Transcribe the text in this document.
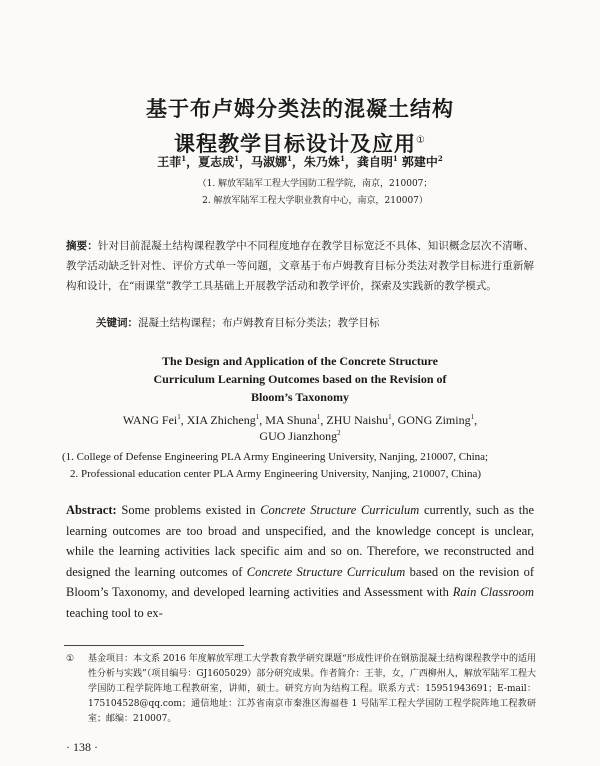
基于布卢姆分类法的混凝土结构
课程教学目标设计及应用①
王菲$^1$，夏志成$^1$，马淑娜$^1$，朱乃姝$^1$，龚自明$^1$ 郭建中$^2$
（1. 解放军陆军工程大学国防工程学院，南京，210007；
2. 解放军陆军工程大学职业教育中心，南京，210007）
摘要：针对目前混凝土结构课程教学中不同程度地存在教学目标宽泛不具体、知识概念层次不清晰、教学活动缺乏针对性、评价方式单一等问题，文章基于布卢姆教育目标分类法对教学目标进行重新解构和设计，在“雨课堂”教学工具基础上开展教学活动和教学评价，探索及实践新的教学模式。
关键词：混凝土结构课程；布卢姆教育目标分类法；教学目标
The Design and Application of the Concrete Structure
Curriculum Learning Outcomes based on the Revision of
Bloom’s Taxonomy
WANG Fei$^1$, XIA Zhicheng$^1$, MA Shuna$^1$, ZHU Naishu$^1$, GONG Ziming$^1$,
GUO Jianzhong$^2$
(1. College of Defense Engineering PLA Army Engineering University, Nanjing, 210007, China;
2. Professional education center PLA Army Engineering University, Nanjing, 210007, China)
Abstract: Some problems existed in Concrete Structure Curriculum currently, such as the learning outcomes are too broad and unspecified, and the knowledge concept is unclear, while the learning activities lack specific aim and so on. Therefore, we reconstructed and designed the learning outcomes of Concrete Structure Curriculum based on the revision of Bloom’s Taxonomy, and developed learning activities and Assessment with Rain Classroom teaching tool to ex-
① 基金项目：本文系 2016 年度解放军理工大学教育教学研究课题“形成性评价在钢筋混凝土结构课程教学中的适用性分析与实践”（项目编号：GJ1605029）部分研究成果。作者简介：王菲，女，广西柳州人，解放军陆军工程大学国防工程学院阵地工程教研室，讲师，硕士。研究方向为结构工程。联系方式：15951943691；E-mail：175104528@qq.com；通信地址：江苏省南京市秦淮区海福巷 1 号陆军工程大学国防工程学院阵地工程教研室；邮编：210007。
· 138 ·
